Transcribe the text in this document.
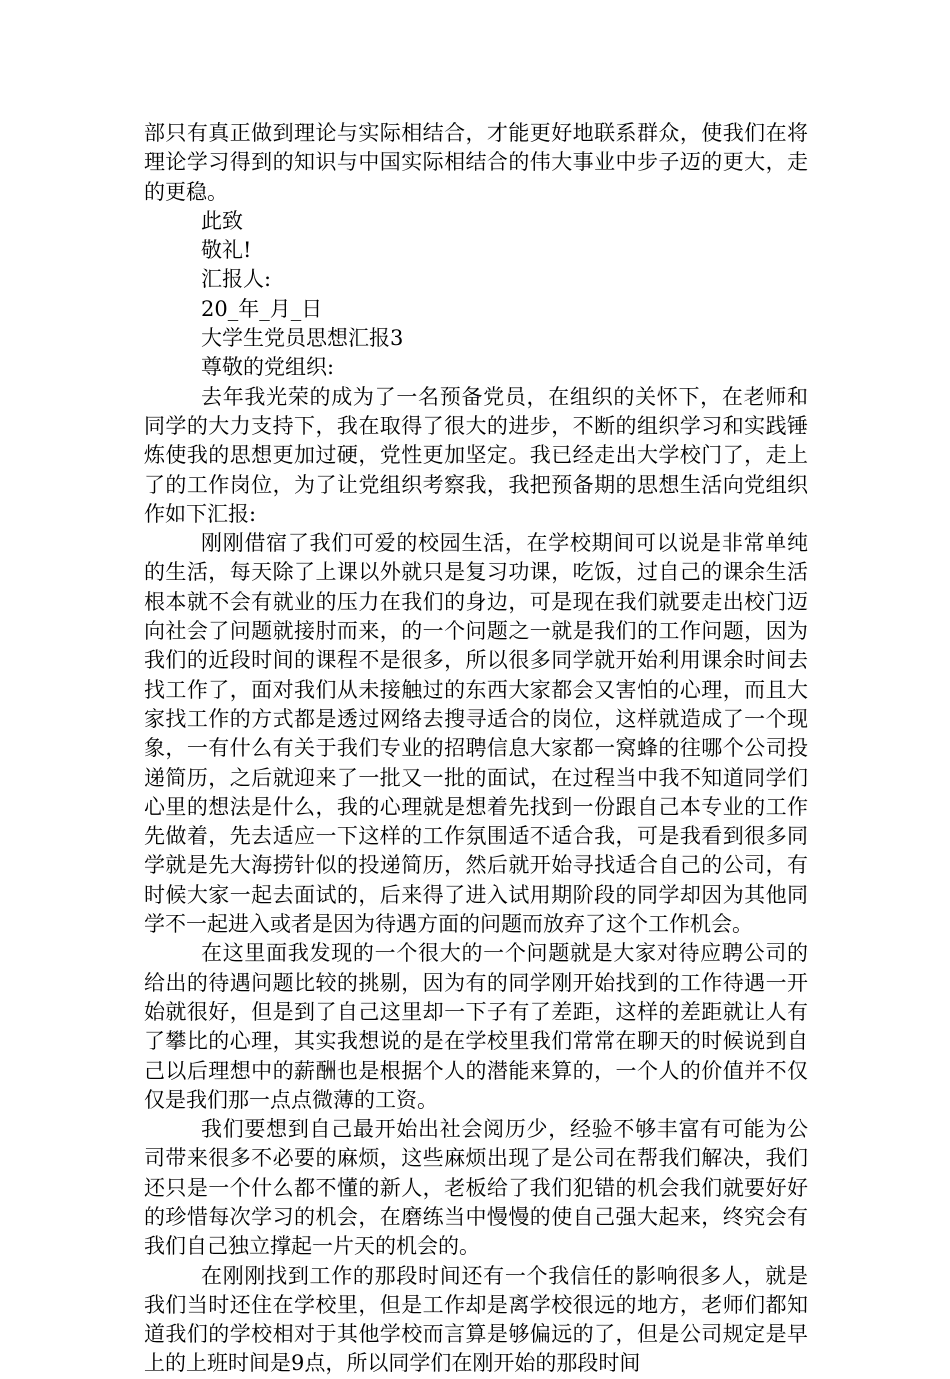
部只有真正做到理论与实际相结合，才能更好地联系群众，使我们在将理论学习得到的知识与中国实际相结合的伟大事业中步子迈的更大，走的更稳。

此致

敬礼!

汇报人:

20_年_月_日

大学生党员思想汇报3

尊敬的党组织:

去年我光荣的成为了一名预备党员，在组织的关怀下，在老师和同学的大力支持下，我在取得了很大的进步，不断的组织学习和实践锤炼使我的思想更加过硬，党性更加坚定。我已经走出大学校门了，走上了的工作岗位，为了让党组织考察我，我把预备期的思想生活向党组织作如下汇报:

刚刚借宿了我们可爱的校园生活，在学校期间可以说是非常单纯的生活，每天除了上课以外就只是复习功课，吃饭，过自己的课余生活根本就不会有就业的压力在我们的身边，可是现在我们就要走出校门迈向社会了问题就接肘而来，的一个问题之一就是我们的工作问题，因为我们的近段时间的课程不是很多，所以很多同学就开始利用课余时间去找工作了，面对我们从未接触过的东西大家都会又害怕的心理，而且大家找工作的方式都是透过网络去搜寻适合的岗位，这样就造成了一个现象，一有什么有关于我们专业的招聘信息大家都一窝蜂的往哪个公司投递简历，之后就迎来了一批又一批的面试，在过程当中我不知道同学们心里的想法是什么，我的心理就是想着先找到一份跟自己本专业的工作先做着，先去适应一下这样的工作氛围适不适合我，可是我看到很多同学就是先大海捞针似的投递简历，然后就开始寻找适合自己的公司，有时候大家一起去面试的，后来得了进入试用期阶段的同学却因为其他同学不一起进入或者是因为待遇方面的问题而放弃了这个工作机会。

在这里面我发现的一个很大的一个问题就是大家对待应聘公司的给出的待遇问题比较的挑剔，因为有的同学刚开始找到的工作待遇一开始就很好，但是到了自己这里却一下子有了差距，这样的差距就让人有了攀比的心理，其实我想说的是在学校里我们常常在聊天的时候说到自己以后理想中的薪酬也是根据个人的潜能来算的，一个人的价值并不仅仅是我们那一点点微薄的工资。

我们要想到自己最开始出社会阅历少，经验不够丰富有可能为公司带来很多不必要的麻烦，这些麻烦出现了是公司在帮我们解决，我们还只是一个什么都不懂的新人，老板给了我们犯错的机会我们就要好好的珍惜每次学习的机会，在磨练当中慢慢的使自己强大起来，终究会有我们自己独立撑起一片天的机会的。

在刚刚找到工作的那段时间还有一个我信任的影响很多人，就是我们当时还住在学校里，但是工作却是离学校很远的地方，老师们都知道我们的学校相对于其他学校而言算是够偏远的了，但是公司规定是早上的上班时间是9点，所以同学们在刚开始的那段时间
